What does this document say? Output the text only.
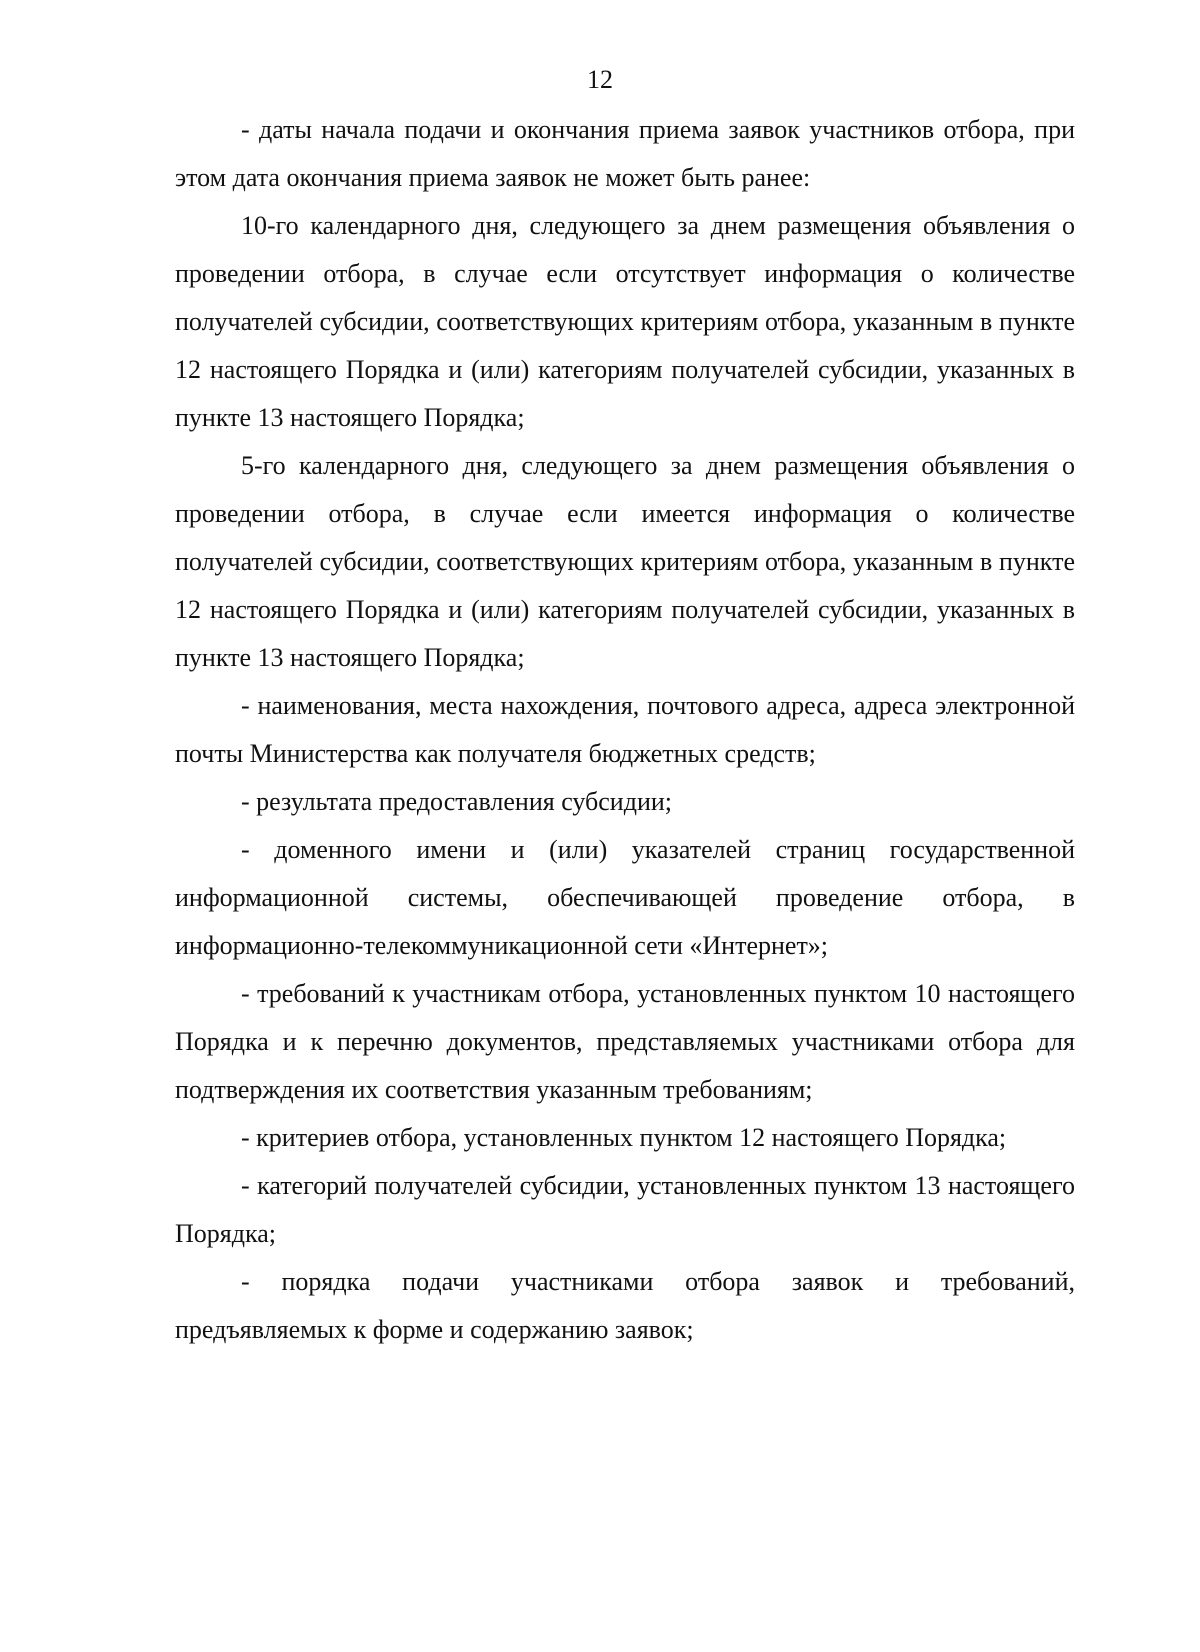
12

- даты начала подачи и окончания приема заявок участников отбора, при этом дата окончания приема заявок не может быть ранее:

10-го календарного дня, следующего за днем размещения объявления о проведении отбора, в случае если отсутствует информация о количестве получателей субсидии, соответствующих критериям отбора, указанным в пункте 12 настоящего Порядка и (или) категориям получателей субсидии, указанных в пункте 13 настоящего Порядка;

5-го календарного дня, следующего за днем размещения объявления о проведении отбора, в случае если имеется информация о количестве получателей субсидии, соответствующих критериям отбора, указанным в пункте 12 настоящего Порядка и (или) категориям получателей субсидии, указанных в пункте 13 настоящего Порядка;

- наименования, места нахождения, почтового адреса, адреса электронной почты Министерства как получателя бюджетных средств;

- результата предоставления субсидии;

- доменного имени и (или) указателей страниц государственной информационной системы, обеспечивающей проведение отбора, в информационно-телекоммуникационной сети «Интернет»;

- требований к участникам отбора, установленных пунктом 10 настоящего Порядка и к перечню документов, представляемых участниками отбора для подтверждения их соответствия указанным требованиям;

- критериев отбора, установленных пунктом 12 настоящего Порядка;

- категорий получателей субсидии, установленных пунктом 13 настоящего Порядка;

- порядка подачи участниками отбора заявок и требований, предъявляемых к форме и содержанию заявок;
